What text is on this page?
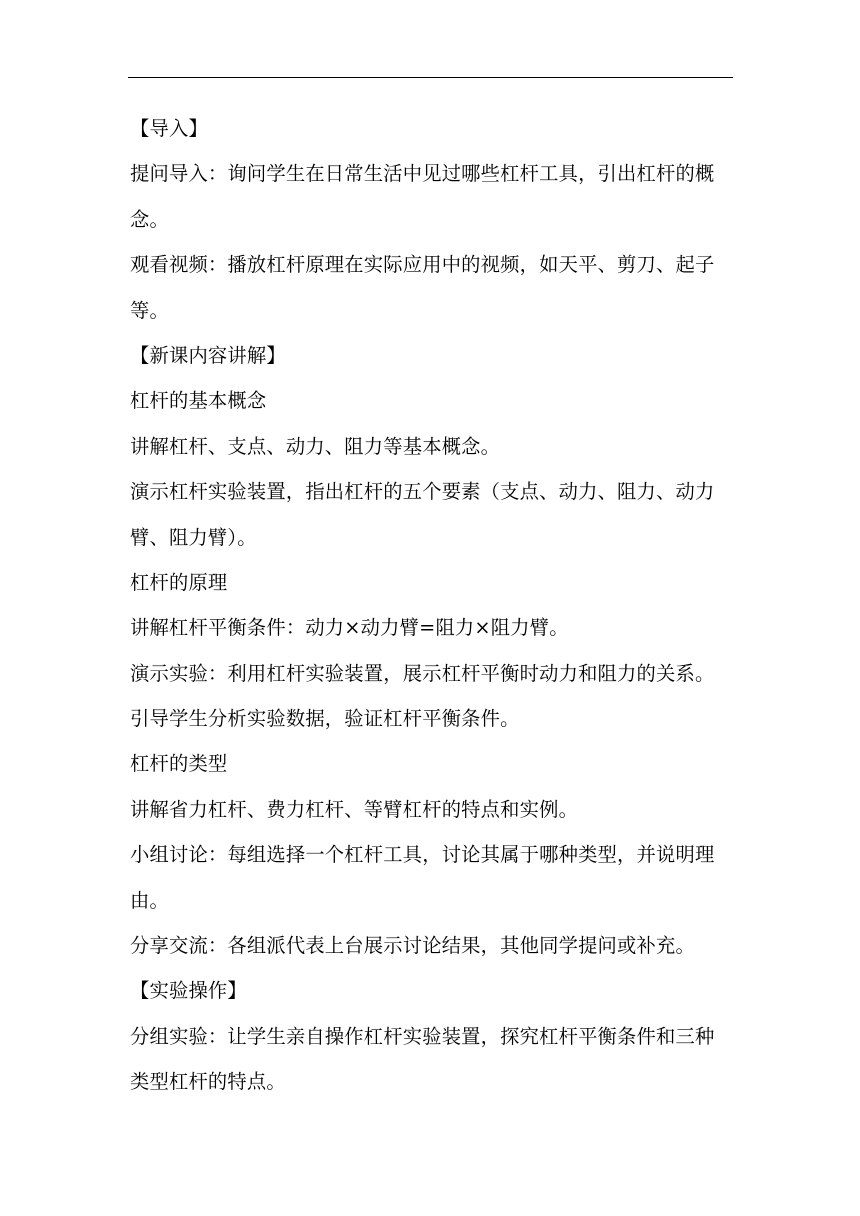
【导入】
提问导入：询问学生在日常生活中见过哪些杠杆工具，引出杠杆的概
念。
观看视频：播放杠杆原理在实际应用中的视频，如天平、剪刀、起子
等。
【新课内容讲解】
杠杆的基本概念
讲解杠杆、支点、动力、阻力等基本概念。
演示杠杆实验装置，指出杠杆的五个要素（支点、动力、阻力、动力
臂、阻力臂）。
杠杆的原理
讲解杠杆平衡条件：动力×动力臂=阻力×阻力臂。
演示实验：利用杠杆实验装置，展示杠杆平衡时动力和阻力的关系。
引导学生分析实验数据，验证杠杆平衡条件。
杠杆的类型
讲解省力杠杆、费力杠杆、等臂杠杆的特点和实例。
小组讨论：每组选择一个杠杆工具，讨论其属于哪种类型，并说明理
由。
分享交流：各组派代表上台展示讨论结果，其他同学提问或补充。
【实验操作】
分组实验：让学生亲自操作杠杆实验装置，探究杠杆平衡条件和三种
类型杠杆的特点。
